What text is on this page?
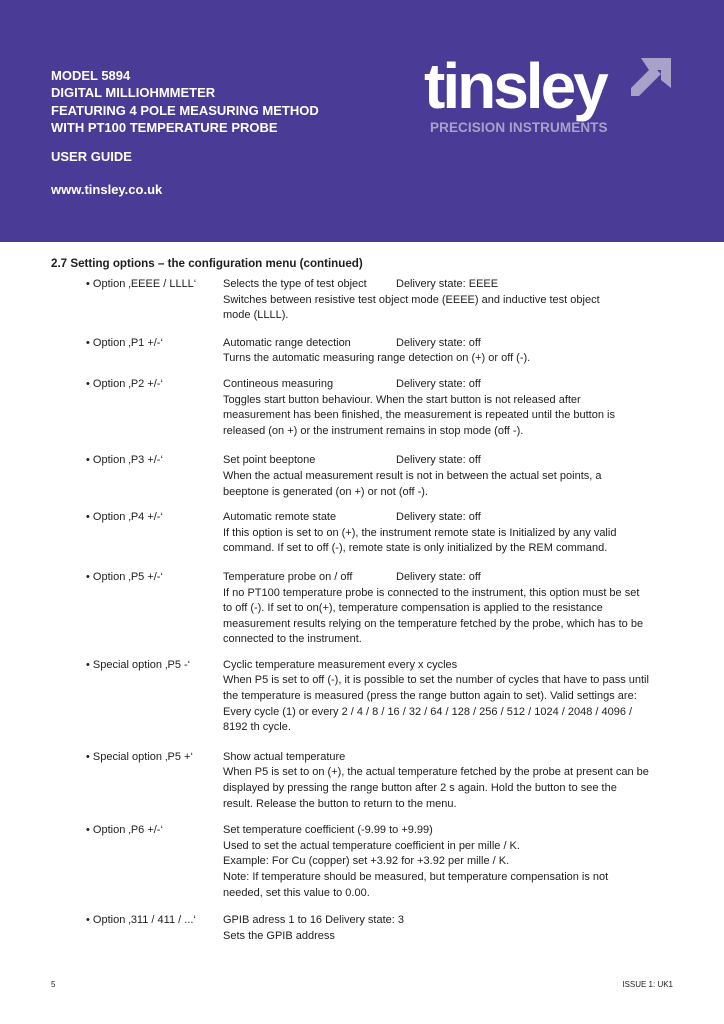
MODEL 5894
DIGITAL MILLIOHMMETER
FEATURING 4 POLE MEASURING METHOD
WITH PT100 TEMPERATURE PROBE
USER GUIDE
www.tinsley.co.uk
tinsley
PRECISION INSTRUMENTS
2.7 Setting options – the configuration menu (continued)
• Option ‚EEEE / LLLL‘ Selects the type of test object	Delivery state: EEEE
Switches between resistive test object mode (EEEE) and inductive test object
mode (LLLL).
• Option ‚P1 +/-‘	Automatic range detection	Delivery state: off
Turns the automatic measuring range detection on (+) or off (-).
• Option ‚P2 +/-‘	Contineous measuring	Delivery state: off
Toggles start button behaviour. When the start button is not released after
measurement has been finished, the measurement is repeated until the button is
released (on +) or the instrument remains in stop mode (off -).
• Option ‚P3 +/-‘	Set point beeptone	Delivery state: off
When the actual measurement result is not in between the actual set points, a
beeptone is generated (on +) or not (off -).
• Option ‚P4 +/-‘	Automatic remote state	Delivery state: off
If this option is set to on (+), the instrument remote state is Initialized by any valid
command. If set to off (-), remote state is only initialized by the REM command.
• Option ‚P5 +/-‘	Temperature probe on / off	Delivery state: off
If no PT100 temperature probe is connected to the instrument, this option must be set
to off (-). If set to on(+), temperature compensation is applied to the resistance
measurement results relying on the temperature fetched by the probe, which has to be
connected to the instrument.
• Special option ‚P5 -‘	Cyclic temperature measurement every x cycles
When P5 is set to off (-), it is possible to set the number of cycles that have to pass until
the temperature is measured (press the range button again to set). Valid settings are:
Every cycle (1) or every 2 / 4 / 8 / 16 / 32 / 64 / 128 / 256 / 512 / 1024 / 2048 / 4096 /
8192 th cycle.
• Special option ‚P5 +‘	Show actual temperature
When P5 is set to on (+), the actual temperature fetched by the probe at present can be
displayed by pressing the range button after 2 s again. Hold the button to see the
result. Release the button to return to the menu.
• Option ‚P6 +/-‘	Set temperature coefficient (-9.99 to +9.99)
Used to set the actual temperature coefficient in per mille / K.
Example: For Cu (copper) set +3.92 for +3.92 per mille / K.
Note: If temperature should be measured, but temperature compensation is not
needed, set this value to 0.00.
• Option ‚311 / 411 / ...‘ GPIB adress 1 to 16 Delivery state: 3
Sets the GPIB address
5	ISSUE 1: UK1
